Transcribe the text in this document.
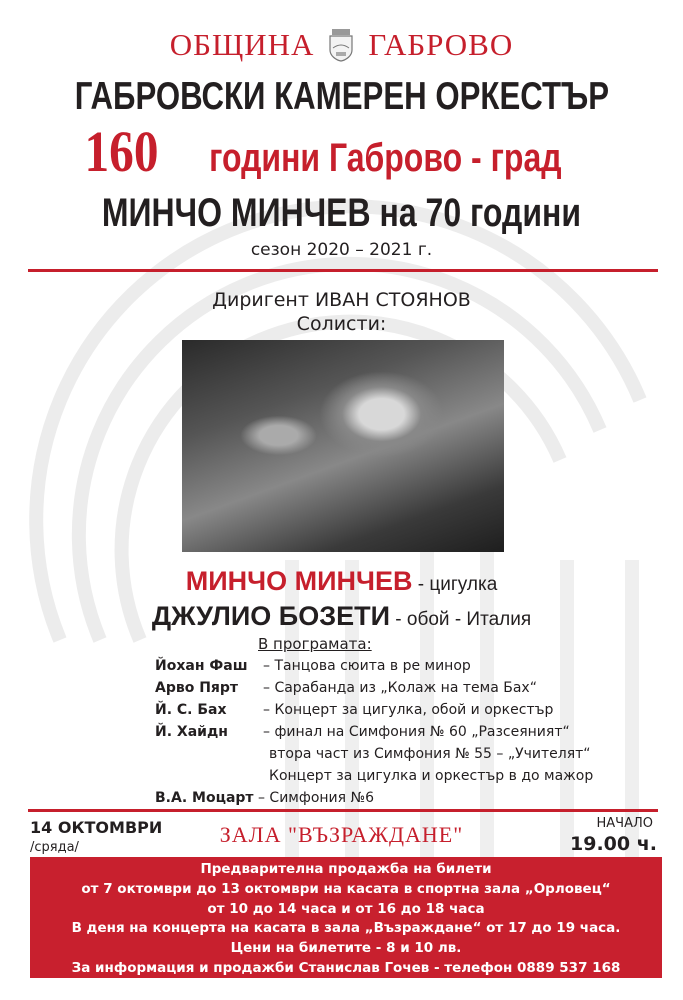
ОБЩИНА ГАБРОВО
ГАБРОВСКИ КАМЕРЕН ОРКЕСТЪР
160 години Габрово - град
МИНЧО МИНЧЕВ на 70 години
сезон 2020 – 2021 г.
Диригент ИВАН СТОЯНОВ
Солисти:
МИНЧО МИНЧЕВ - цигулка
ДЖУЛИО БОЗЕТИ - обой - Италия
В програмата:
Йохан Фаш – Танцова сюита в ре минор
Арво Пярт – Сарабанда из „Колаж на тема Бах“
Й. С. Бах	– Концерт за цигулка, обой и оркестър
Й. Хайдн	– финал на Симфония № 60 „Разсеяният“
втора част из Симфония № 55 – „Учителят“
Концерт за цигулка и оркестър в до мажор
В.А. Моцарт – Симфония №6
14 ОКТОМВРИ
/сряда/
ЗАЛА "ВЪЗРАЖДАНЕ"	НАЧАЛО
19.00 ч.
Предварителна продажба на билети
от 7 октомври до 13 октомври на касата в спортна зала „Орловец“
от 10 до 14 часа и от 16 до 18 часа
В деня на концерта на касата в зала „Възраждане“ от 17 до 19 часа.
Цени на билетите - 8 и 10 лв.
За информация и продажби Станислав Гочев - телефон 0889 537 168
